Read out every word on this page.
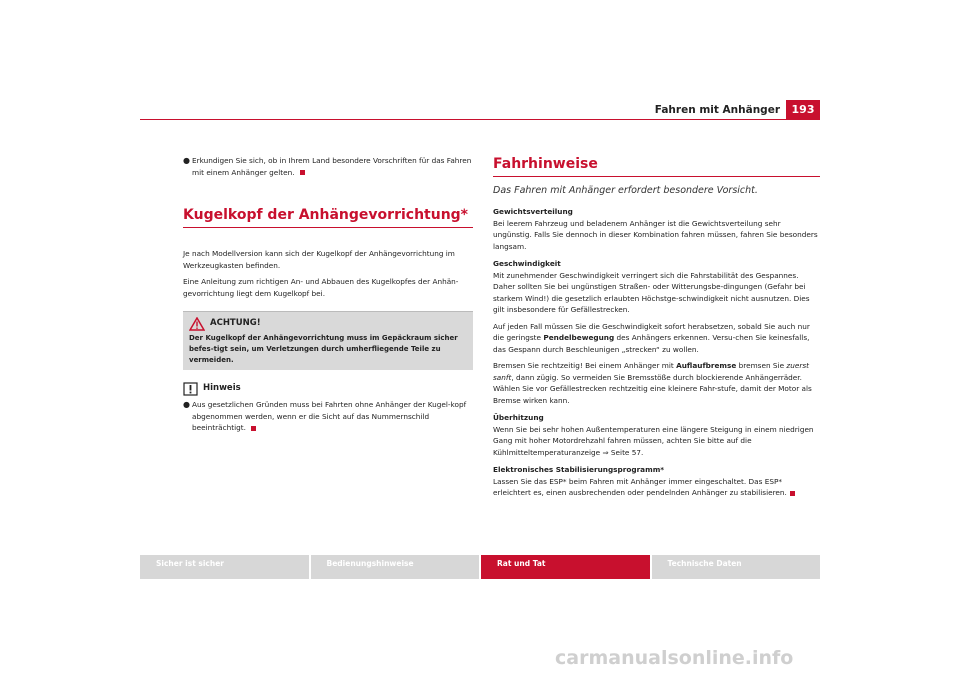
Fahren mit Anhänger	193
● Erkundigen Sie sich, ob in Ihrem Land besondere Vorschriften für das Fahren mit einem Anhänger gelten.
Kugelkopf der Anhängevorrichtung*
Je nach Modellversion kann sich der Kugelkopf der Anhängevorrichtung im Werkzeugkasten befinden.
Eine Anleitung zum richtigen An- und Abbauen des Kugelkopfes der Anhän-gevorrichtung liegt dem Kugelkopf bei.
ACHTUNG!
Der Kugelkopf der Anhängevorrichtung muss im Gepäckraum sicher befes-tigt sein, um Verletzungen durch umherfliegende Teile zu vermeiden.
Hinweis
● Aus gesetzlichen Gründen muss bei Fahrten ohne Anhänger der Kugel-kopf abgenommen werden, wenn er die Sicht auf das Nummernschild beeinträchtigt.
Fahrhinweise
Das Fahren mit Anhänger erfordert besondere Vorsicht.
Gewichtsverteilung
Bei leerem Fahrzeug und beladenem Anhänger ist die Gewichtsverteilung sehr ungünstig. Falls Sie dennoch in dieser Kombination fahren müssen, fahren Sie besonders langsam.
Geschwindigkeit
Mit zunehmender Geschwindigkeit verringert sich die Fahrstabilität des Gespannes. Daher sollten Sie bei ungünstigen Straßen- oder Witterungsbe-dingungen (Gefahr bei starkem Wind!) die gesetzlich erlaubten Höchstge-schwindigkeit nicht ausnutzen. Dies gilt insbesondere für Gefällestrecken.
Auf jeden Fall müssen Sie die Geschwindigkeit sofort herabsetzen, sobald Sie auch nur die geringste Pendelbewegung des Anhängers erkennen. Versu-chen Sie keinesfalls, das Gespann durch Beschleunigen „strecken“ zu wollen.
Bremsen Sie rechtzeitig! Bei einem Anhänger mit Auflaufbremse bremsen Sie zuerst sanft, dann zügig. So vermeiden Sie Bremsstöße durch blockierende Anhängerräder. Wählen Sie vor Gefällestrecken rechtzeitig eine kleinere Fahr-stufe, damit der Motor als Bremse wirken kann.
Überhitzung
Wenn Sie bei sehr hohen Außentemperaturen eine längere Steigung in einem niedrigen Gang mit hoher Motordrehzahl fahren müssen, achten Sie bitte auf die Kühlmitteltemperaturanzeige ⇒ Seite 57.
Elektronisches Stabilisierungsprogramm*
Lassen Sie das ESP* beim Fahren mit Anhänger immer eingeschaltet. Das ESP* erleichtert es, einen ausbrechenden oder pendelnden Anhänger zu stabilisieren.
Sicher ist sicher	Bedienungshinweise	Rat und Tat	Technische Daten
carmanualsonline.info
